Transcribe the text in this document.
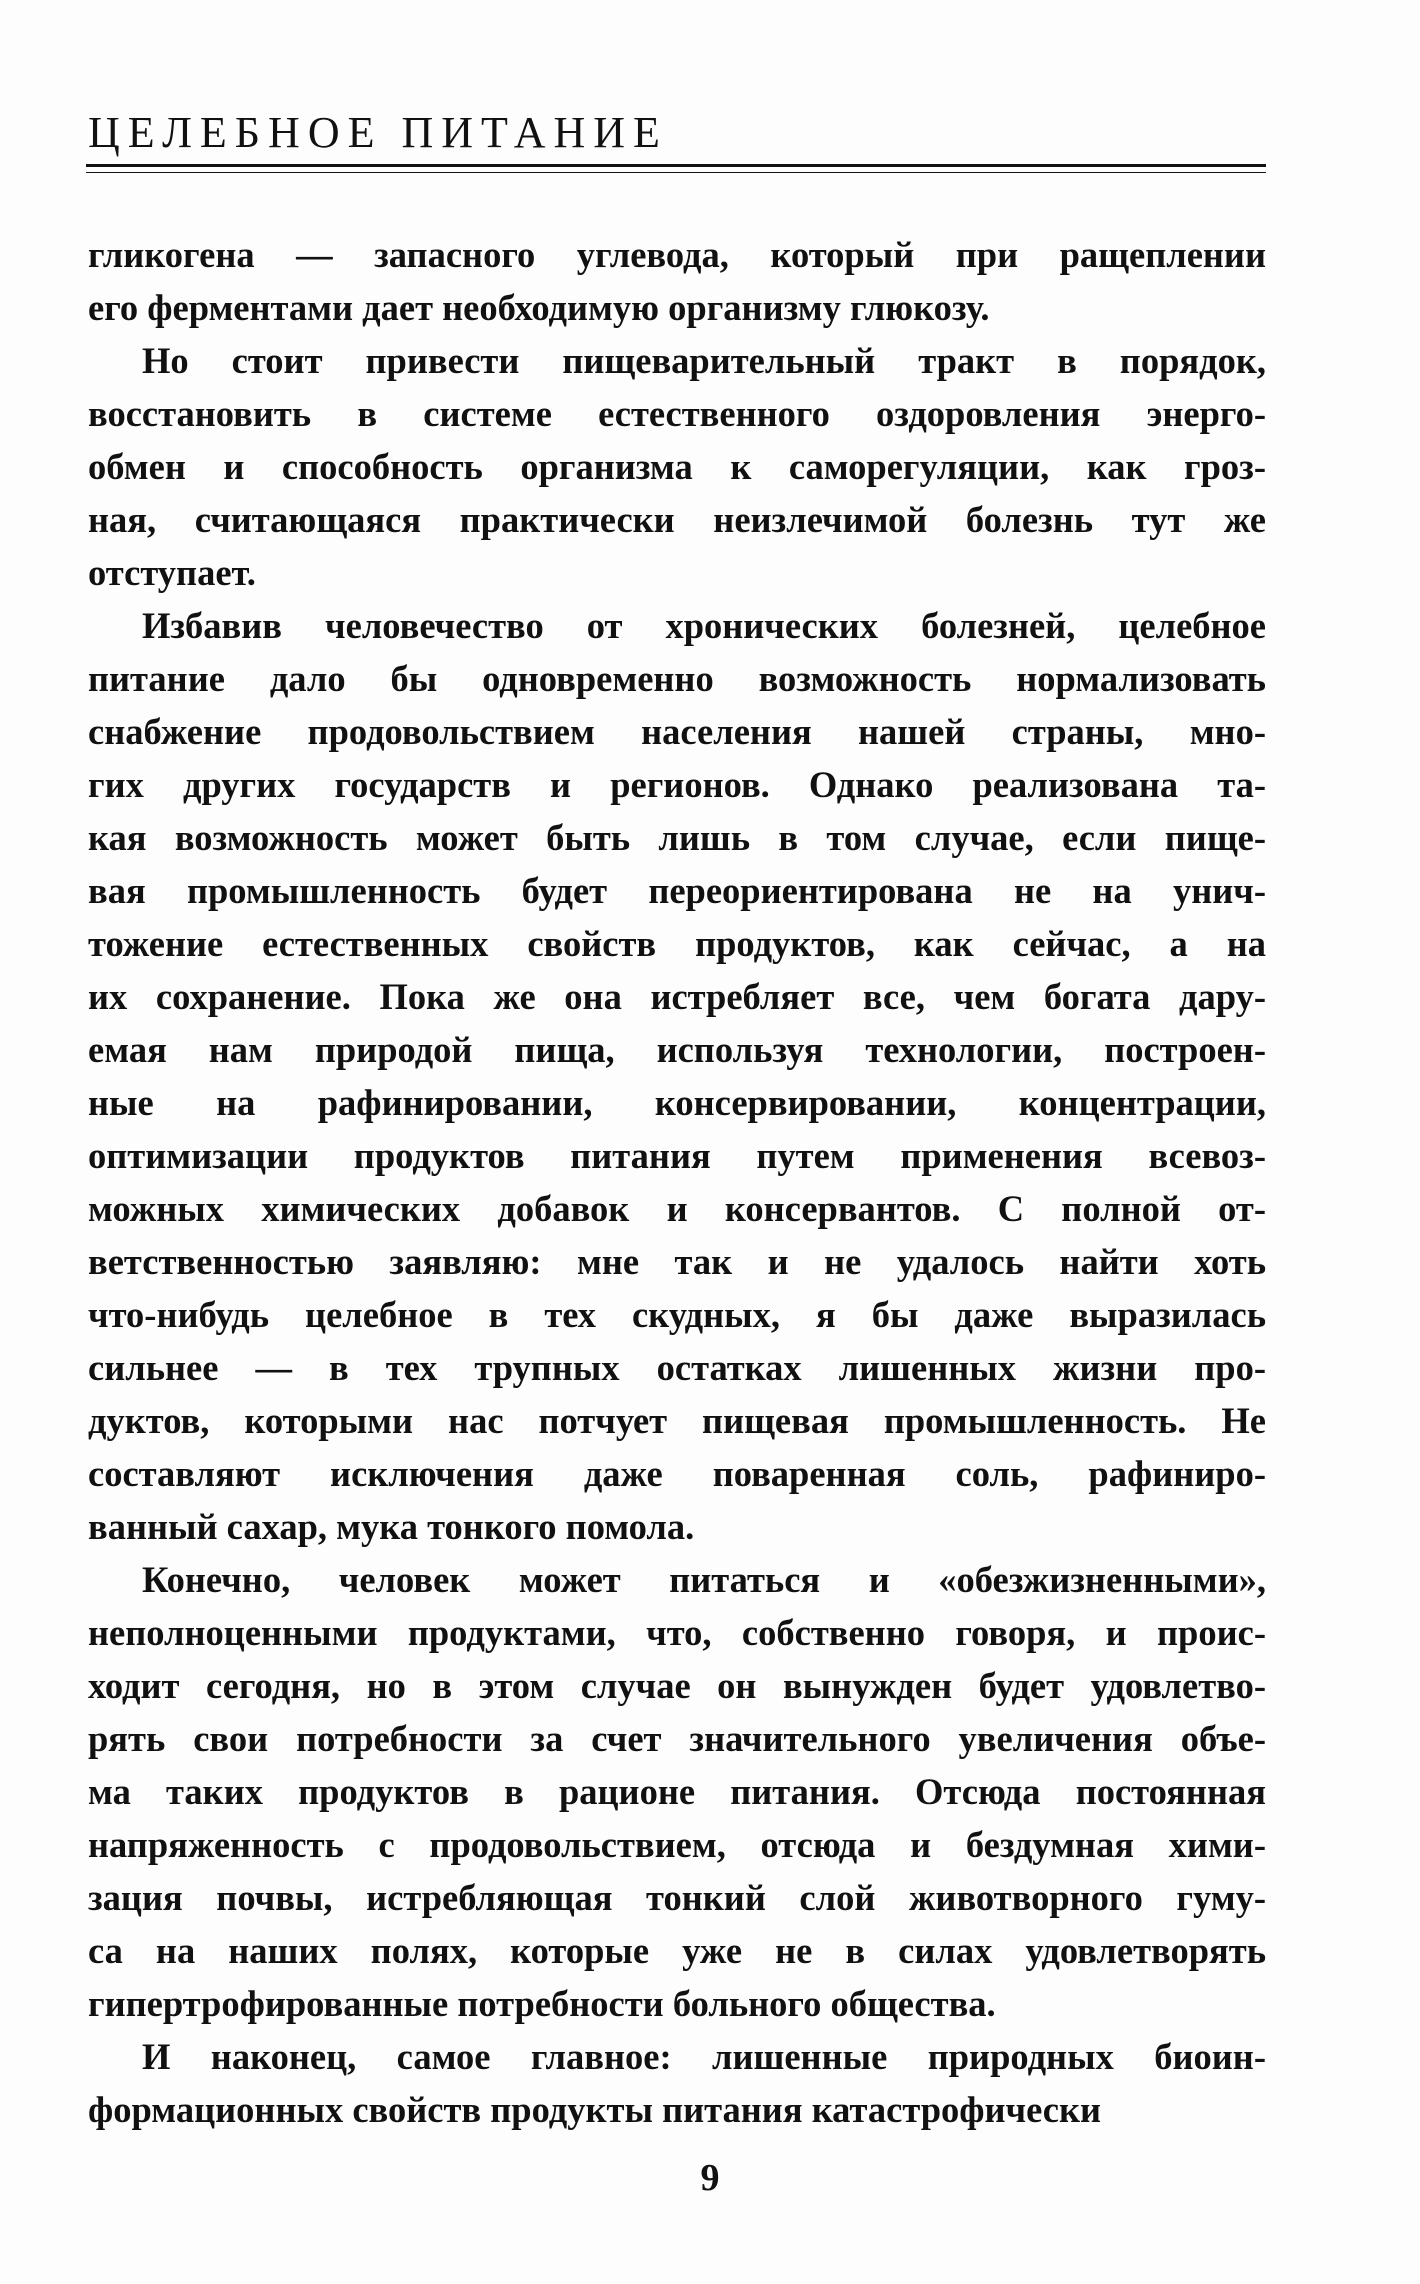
ЦЕЛЕБНОЕ ПИТАНИЕ
гликогена — запасного углевода, который при ращеплении
его ферментами дает необходимую организму глюкозу.
Но стоит привести пищеварительный тракт в порядок,
восстановить в системе естественного оздоровления энерго-
обмен и способность организма к саморегуляции, как гроз-
ная, считающаяся практически неизлечимой болезнь тут же
отступает.
Избавив человечество от хронических болезней, целебное
питание дало бы одновременно возможность нормализовать
снабжение продовольствием населения нашей страны, мно-
гих других государств и регионов. Однако реализована та-
кая возможность может быть лишь в том случае, если пище-
вая промышленность будет переориентирована не на унич-
тожение естественных свойств продуктов, как сейчас, а на
их сохранение. Пока же она истребляет все, чем богата дару-
емая нам природой пища, используя технологии, построен-
ные на рафинировании, консервировании, концентрации,
оптимизации продуктов питания путем применения всевоз-
можных химических добавок и консервантов. С полной от-
ветственностью заявляю: мне так и не удалось найти хоть
что-нибудь целебное в тех скудных, я бы даже выразилась
сильнее — в тех трупных остатках лишенных жизни про-
дуктов, которыми нас потчует пищевая промышленность. Не
составляют исключения даже поваренная соль, рафиниро-
ванный сахар, мука тонкого помола.
Конечно, человек может питаться и «обезжизненными»,
неполноценными продуктами, что, собственно говоря, и проис-
ходит сегодня, но в этом случае он вынужден будет удовлетво-
рять свои потребности за счет значительного увеличения объе-
ма таких продуктов в рационе питания. Отсюда постоянная
напряженность с продовольствием, отсюда и бездумная хими-
зация почвы, истребляющая тонкий слой животворного гуму-
са на наших полях, которые уже не в силах удовлетворять
гипертрофированные потребности больного общества.
И наконец, самое главное: лишенные природных биоин-
формационных свойств продукты питания катастрофически
9
